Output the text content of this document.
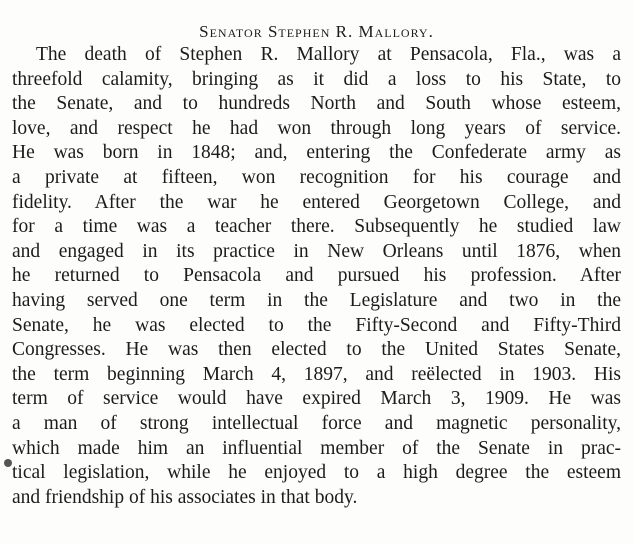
Senator Stephen R. Mallory.
The death of Stephen R. Mallory at Pensacola, Fla., was a
threefold calamity, bringing as it did a loss to his State, to
the Senate, and to hundreds North and South whose esteem,
love, and respect he had won through long years of service.
He was born in 1848; and, entering the Confederate army as
a private at fifteen, won recognition for his courage and
fidelity. After the war he entered Georgetown College, and
for a time was a teacher there. Subsequently he studied law
and engaged in its practice in New Orleans until 1876, when
he returned to Pensacola and pursued his profession. After
having served one term in the Legislature and two in the
Senate, he was elected to the Fifty-Second and Fifty-Third
Congresses. He was then elected to the United States Senate,
the term beginning March 4, 1897, and reëlected in 1903. His
term of service would have expired March 3, 1909. He was
a man of strong intellectual force and magnetic personality,
which made him an influential member of the Senate in prac-
tical legislation, while he enjoyed to a high degree the esteem
and friendship of his associates in that body.
